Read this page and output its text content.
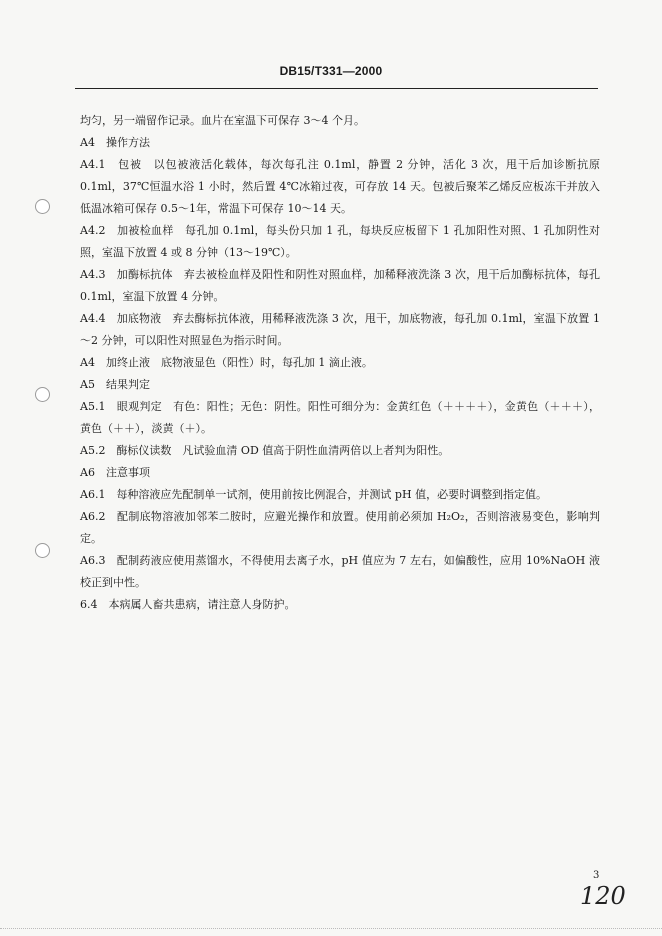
DB15/T331—2000

均匀，另一端留作记录。血片在室温下可保存 3～4 个月。

A4　操作方法

A4.1　包被　以包被液活化载体，每次每孔注 0.1ml，静置 2 分钟，活化 3 次，甩干后加诊断抗原 0.1ml，37℃恒温水浴 1 小时，然后置 4℃冰箱过夜，可存放 14 天。包被后聚苯乙烯反应板冻干并放入低温冰箱可保存 0.5～1年，常温下可保存 10～14 天。

A4.2　加被检血样　每孔加 0.1ml，每头份只加 1 孔，每块反应板留下 1 孔加阳性对照、1 孔加阴性对照，室温下放置 4 或 8 分钟（13～19℃）。

A4.3　加酶标抗体　弃去被检血样及阳性和阴性对照血样，加稀释液洗涤 3 次，甩干后加酶标抗体，每孔 0.1ml，室温下放置 4 分钟。

A4.4　加底物液　弃去酶标抗体液，用稀释液洗涤 3 次，甩干，加底物液，每孔加 0.1ml，室温下放置 1～2 分钟，可以阳性对照显色为指示时间。

A4　加终止液　底物液显色（阳性）时，每孔加 1 滴止液。

A5　结果判定

A5.1　眼观判定　有色：阳性；无色：阴性。阳性可细分为：金黄红色（＋＋＋＋），金黄色（＋＋＋），黄色（＋＋），淡黄（＋）。

A5.2　酶标仪读数　凡试验血清 OD 值高于阴性血清两倍以上者判为阳性。

A6　注意事项

A6.1　每种溶液应先配制单一试剂，使用前按比例混合，并测试 pH 值，必要时调整到指定值。

A6.2　配制底物溶液加邻苯二胺时，应避光操作和放置。使用前必须加 H₂O₂，否则溶液易变色，影响判定。

A6.3　配制药液应使用蒸馏水，不得使用去离子水，pH 值应为 7 左右，如偏酸性，应用 10%NaOH 液校正到中性。

6.4　本病属人畜共患病，请注意人身防护。

3
120
